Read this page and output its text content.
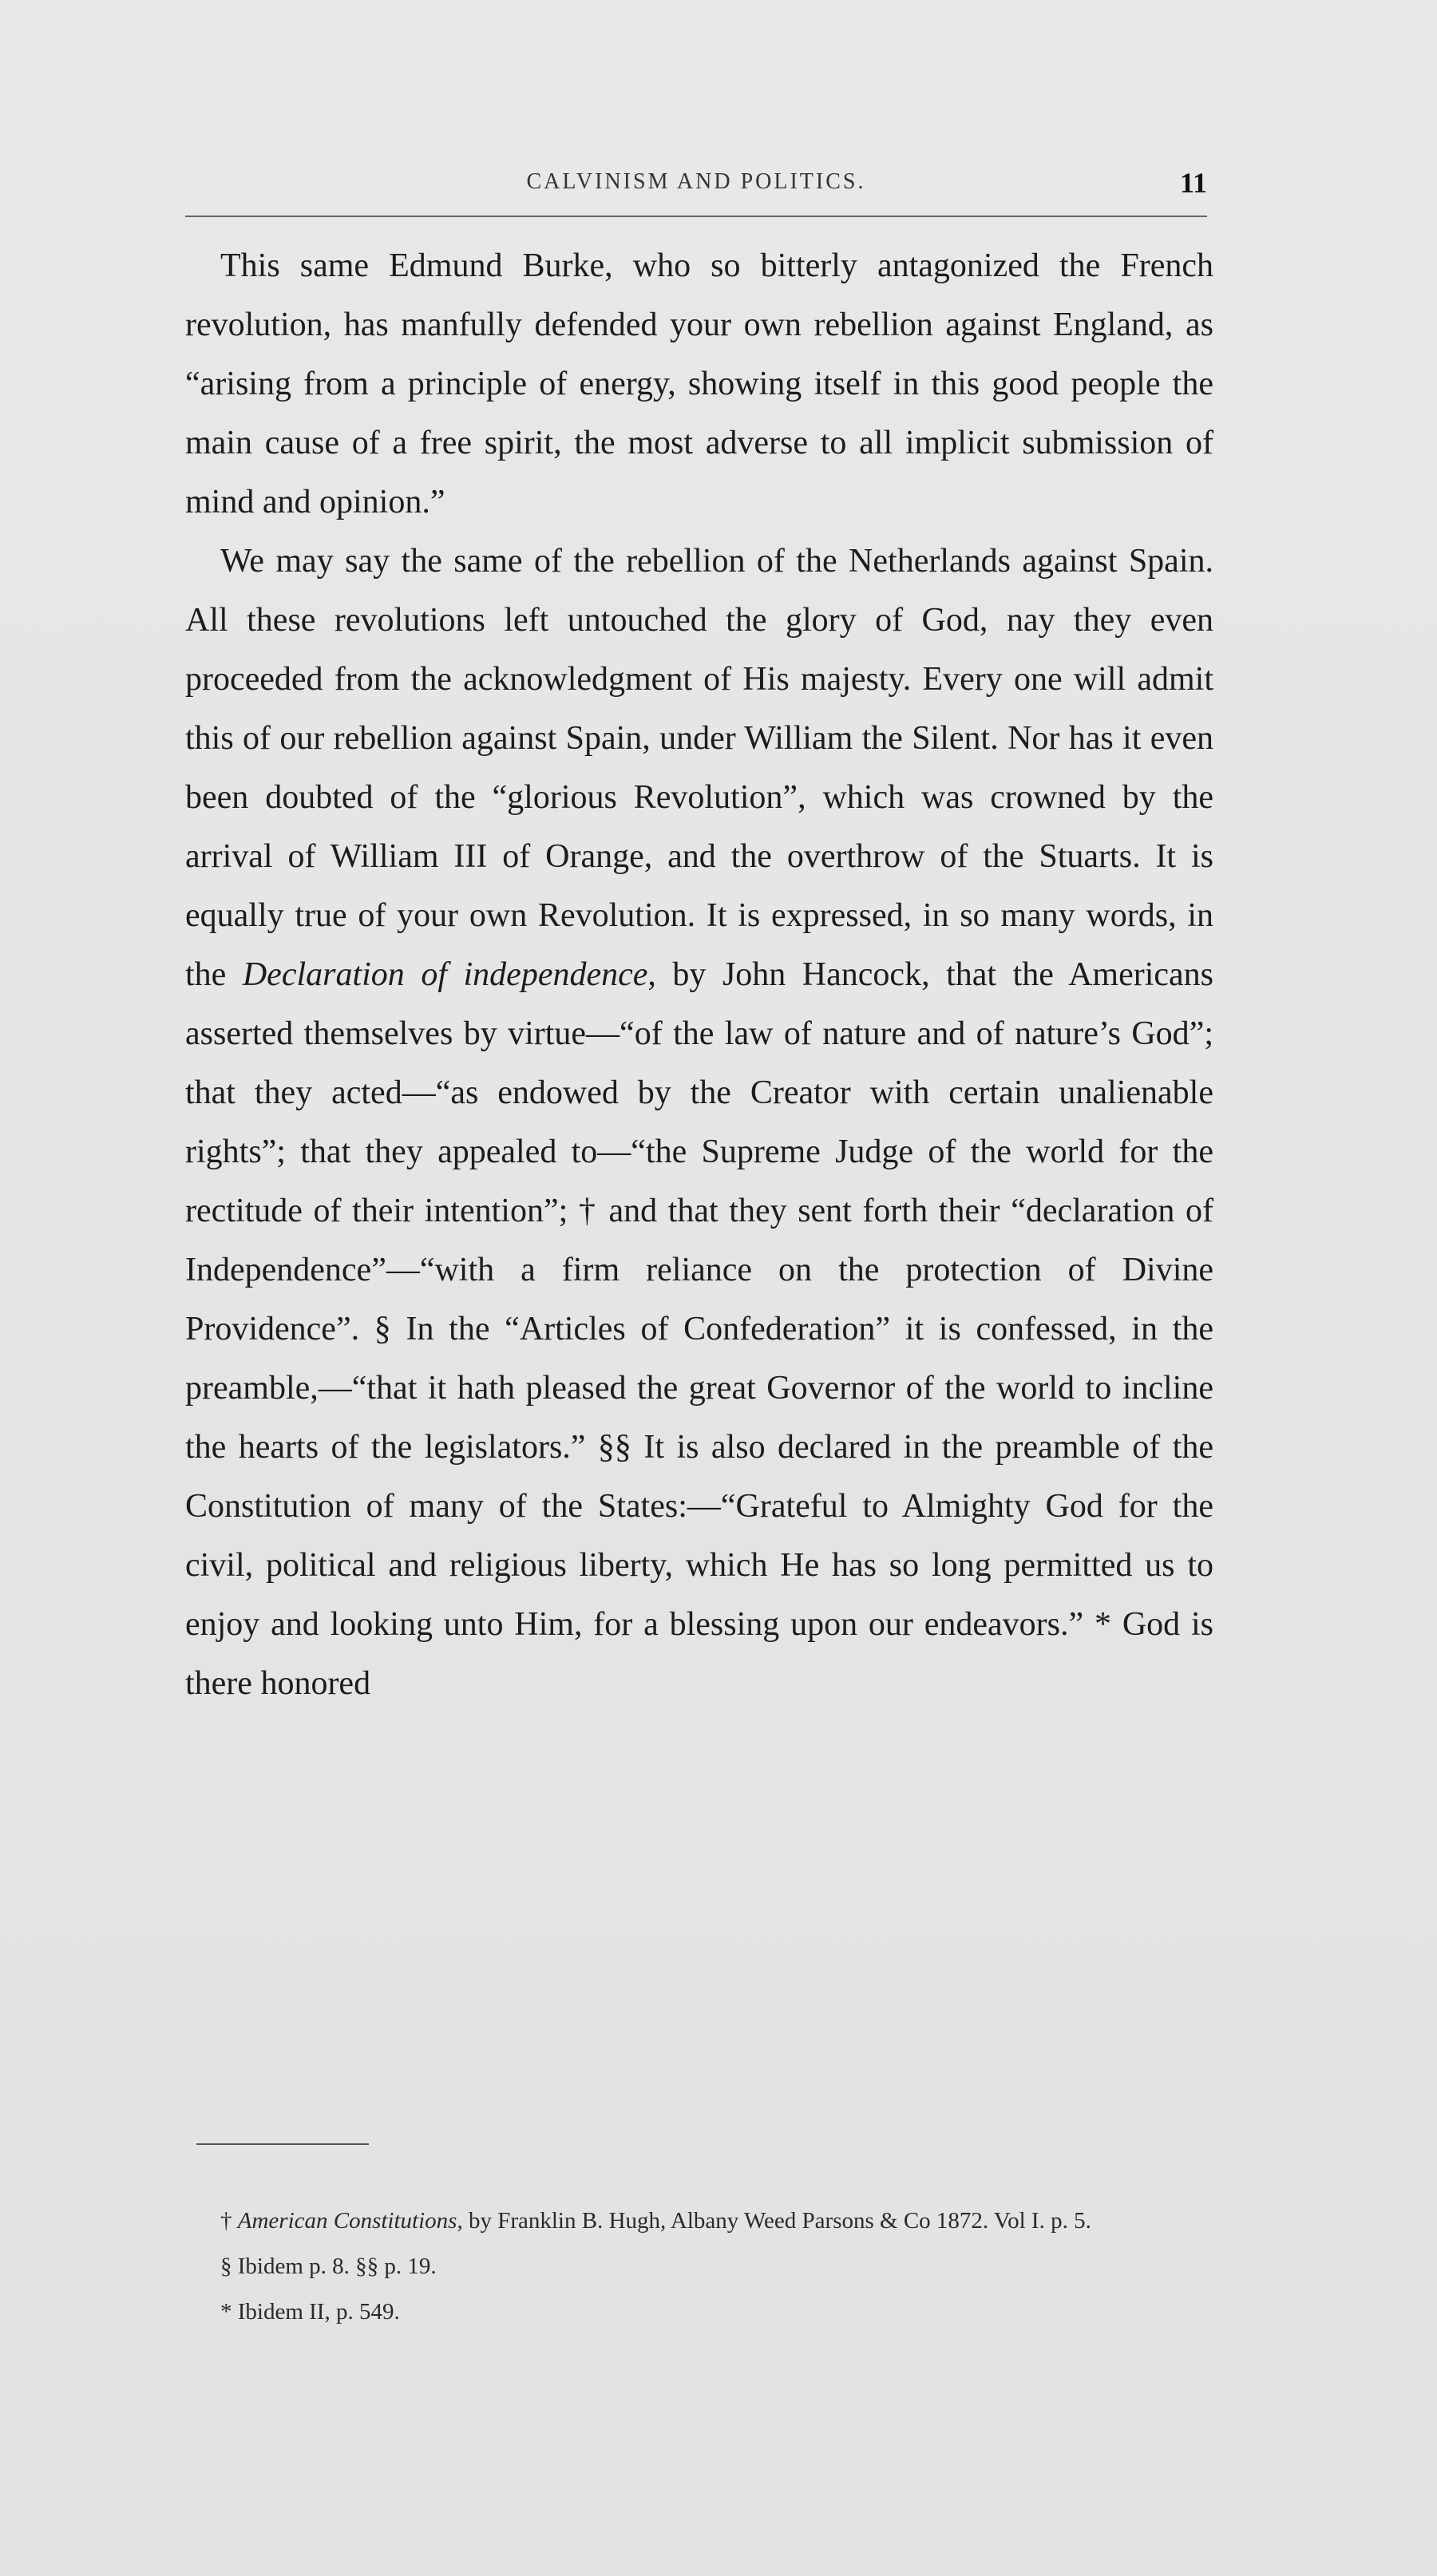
CALVINISM AND POLITICS.	11

This same Edmund Burke, who so bitterly antagonized the French revolution, has manfully defended your own rebellion against England, as “arising from a principle of energy, showing itself in this good people the main cause of a free spirit, the most adverse to all implicit submission of mind and opinion.”

We may say the same of the rebellion of the Netherlands against Spain. All these revolutions left untouched the glory of God, nay they even proceeded from the acknowledgment of His majesty. Every one will admit this of our rebellion against Spain, under William the Silent. Nor has it even been doubted of the “glorious Revolution”, which was crowned by the arrival of William III of Orange, and the overthrow of the Stuarts. It is equally true of your own Revolution. It is expressed, in so many words, in the Declaration of independence, by John Hancock, that the Americans asserted themselves by virtue—“of the law of nature and of nature’s God”; that they acted—“as endowed by the Creator with certain unalienable rights”; that they appealed to—“the Supreme Judge of the world for the rectitude of their intention”; † and that they sent forth their “declaration of Independence”—“with a firm reliance on the protection of Divine Providence”. § In the “Articles of Confederation” it is confessed, in the preamble,—“that it hath pleased the great Governor of the world to incline the hearts of the legislators.” §§ It is also declared in the preamble of the Constitution of many of the States:—“Grateful to Almighty God for the civil, political and religious liberty, which He has so long permitted us to enjoy and looking unto Him, for a blessing upon our endeavors.” * God is there honored

† American Constitutions, by Franklin B. Hugh, Albany Weed Parsons & Co 1872. Vol I. p. 5.

§ Ibidem p. 8. §§ p. 19.

* Ibidem II, p. 549.
